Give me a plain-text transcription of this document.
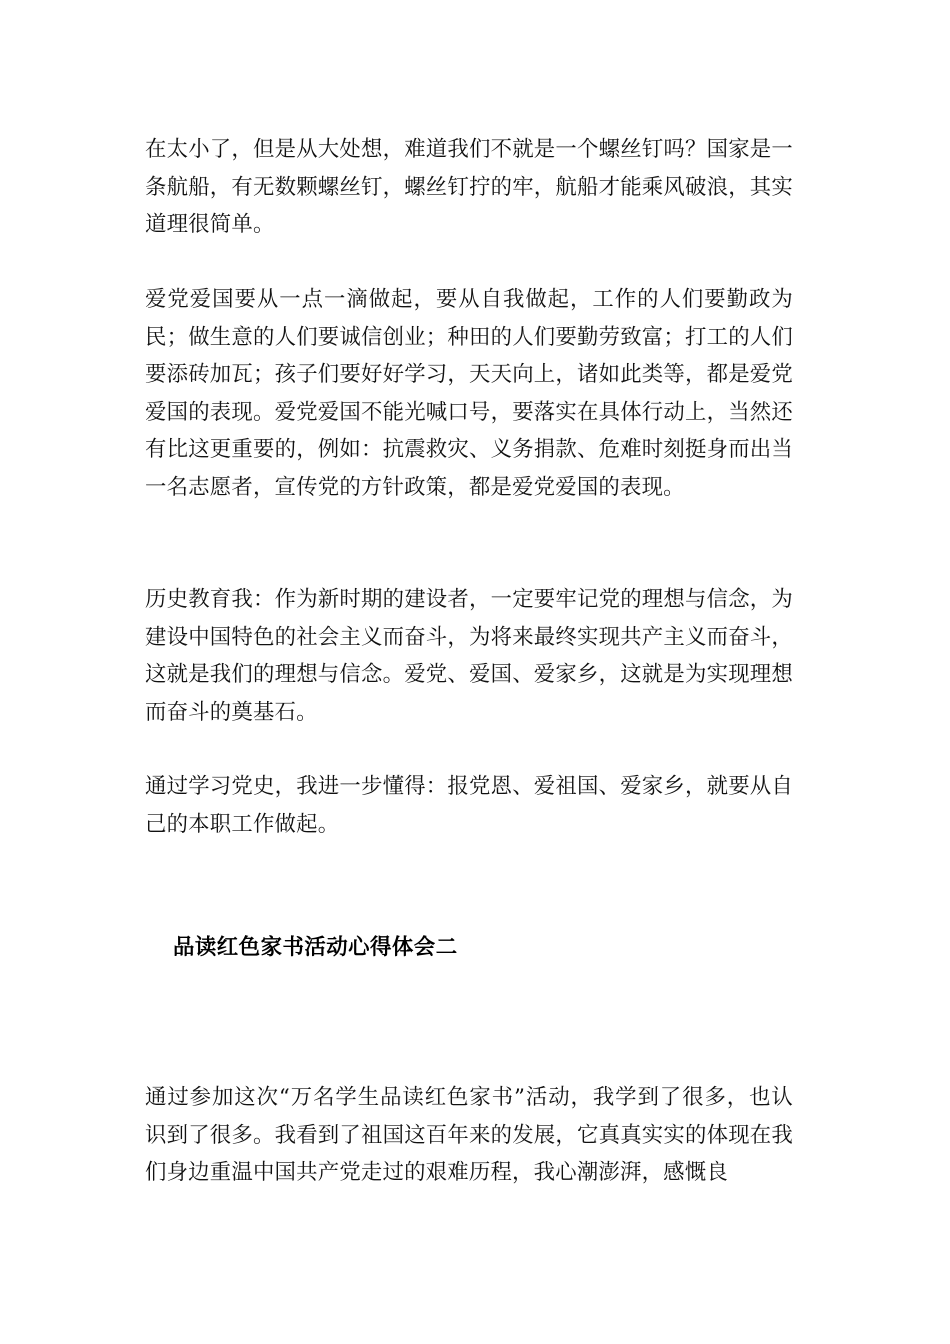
在太小了，但是从大处想，难道我们不就是一个螺丝钉吗？国家是一条航船，有无数颗螺丝钉，螺丝钉拧的牢，航船才能乘风破浪，其实道理很简单。

爱党爱国要从一点一滴做起，要从自我做起，工作的人们要勤政为民；做生意的人们要诚信创业；种田的人们要勤劳致富；打工的人们要添砖加瓦；孩子们要好好学习，天天向上，诸如此类等，都是爱党爱国的表现。爱党爱国不能光喊口号，要落实在具体行动上，当然还有比这更重要的，例如：抗震救灾、义务捐款、危难时刻挺身而出当一名志愿者，宣传党的方针政策，都是爱党爱国的表现。

历史教育我：作为新时期的建设者，一定要牢记党的理想与信念，为建设中国特色的社会主义而奋斗，为将来最终实现共产主义而奋斗，这就是我们的理想与信念。爱党、爱国、爱家乡，这就是为实现理想而奋斗的奠基石。

通过学习党史，我进一步懂得：报党恩、爱祖国、爱家乡，就要从自己的本职工作做起。

品读红色家书活动心得体会二

通过参加这次“万名学生品读红色家书”活动，我学到了很多，也认识到了很多。我看到了祖国这百年来的发展，它真真实实的体现在我们身边重温中国共产党走过的艰难历程，我心潮澎湃，感慨良
